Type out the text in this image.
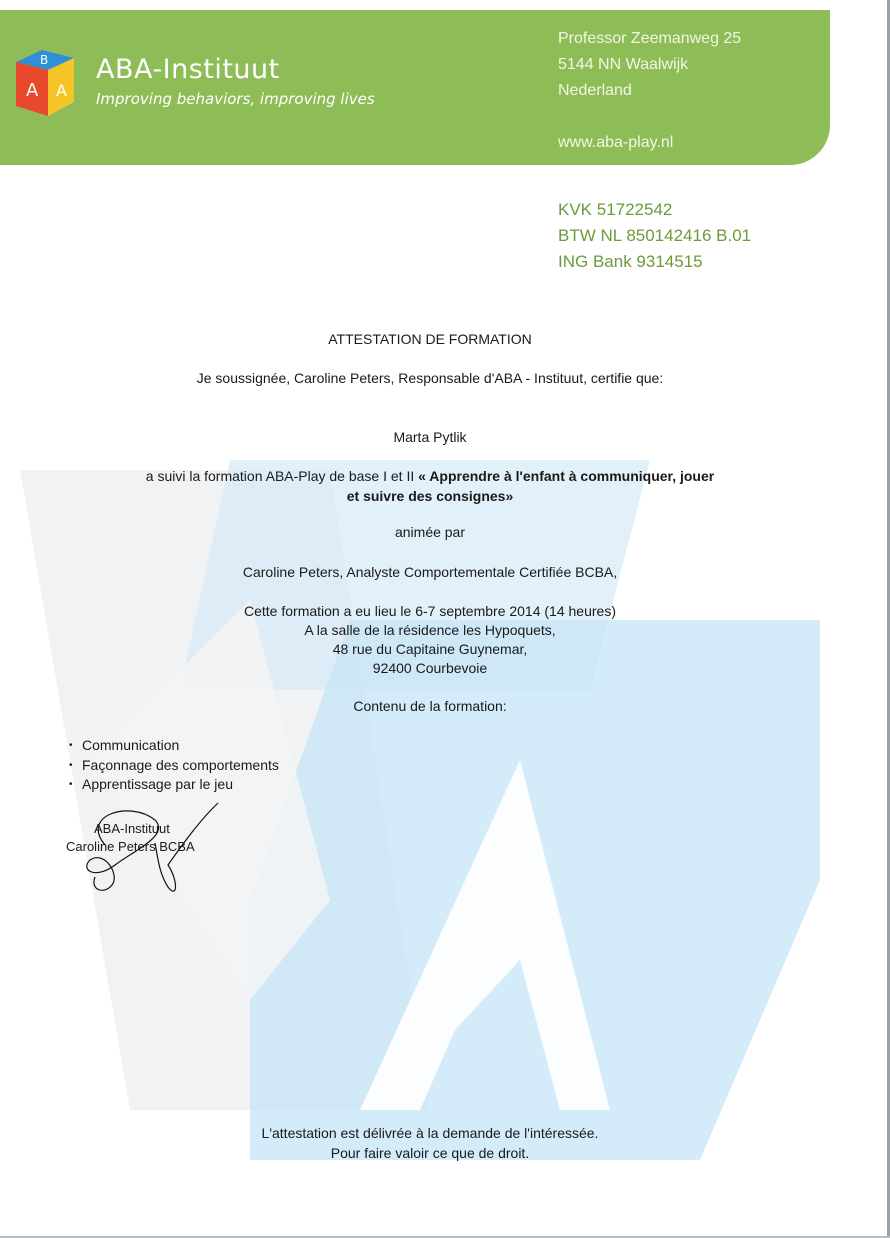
B
A A
ABA-Instituut
Improving behaviors, improving lives
Professor Zeemanweg 25
5144 NN Waalwijk
Nederland
www.aba-play.nl
KVK 51722542
BTW NL 850142416 B.01
ING Bank 9314515
ATTESTATION DE FORMATION
Je soussignée, Caroline Peters, Responsable d'ABA - Instituut, certifie que:
Marta Pytlik
a suivi la formation ABA-Play de base I et II « Apprendre à l'enfant à communiquer, jouer
et suivre des consignes»
animée par
Caroline Peters, Analyste Comportementale Certifiée BCBA,
Cette formation a eu lieu le 6-7 septembre 2014 (14 heures)
A la salle de la résidence les Hypoquets,
48 rue du Capitaine Guynemar,
92400 Courbevoie
Contenu de la formation:
• Communication
• Façonnage des comportements
• Apprentissage par le jeu
ABA-Instituut
Caroline Peters BCBA
L'attestation est délivrée à la demande de l'intéressée.
Pour faire valoir ce que de droit.
